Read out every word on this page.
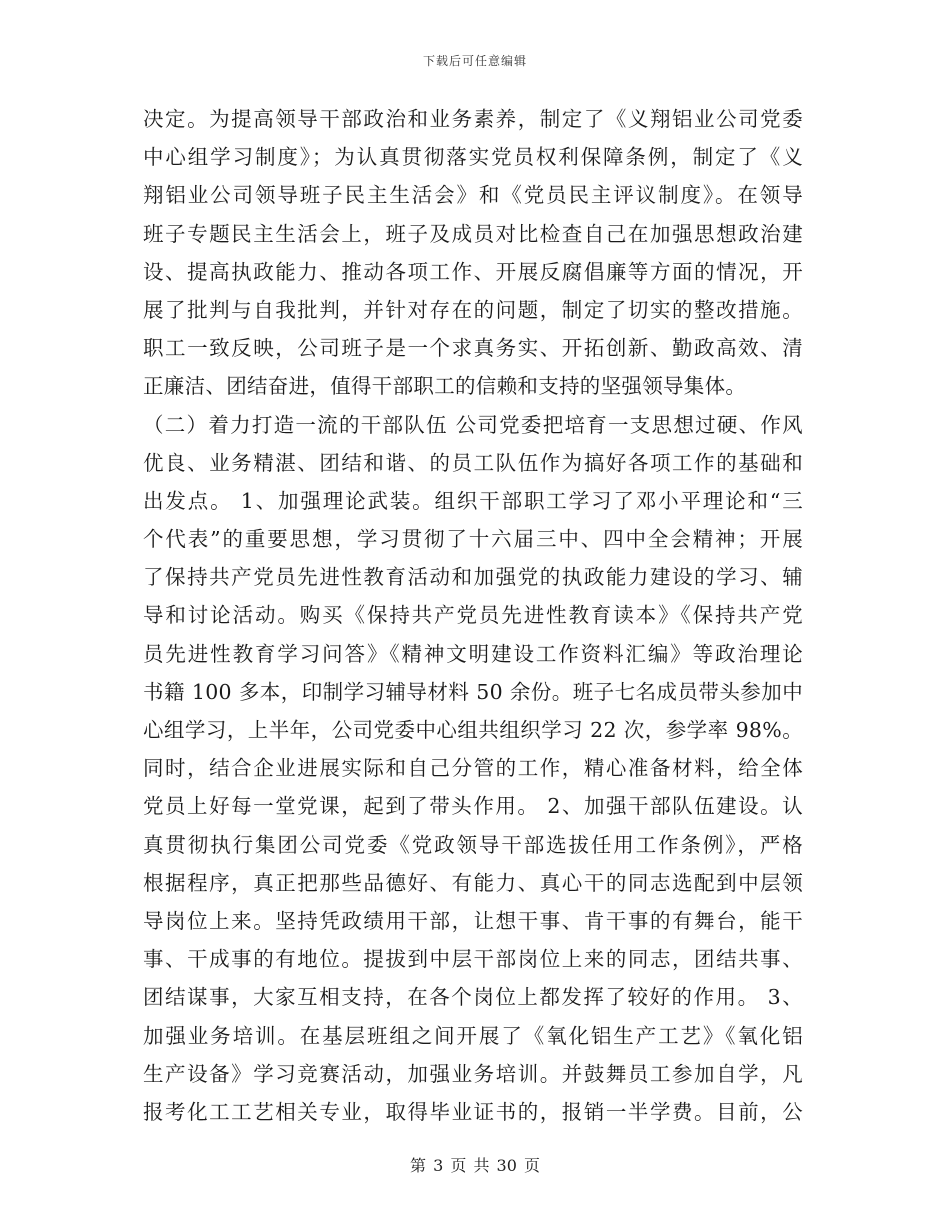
下载后可任意编辑
决定。为提高领导干部政治和业务素养，制定了《义翔铝业公司党委
中心组学习制度》；为认真贯彻落实党员权利保障条例，制定了《义
翔铝业公司领导班子民主生活会》和《党员民主评议制度》。在领导
班子专题民主生活会上，班子及成员对比检查自己在加强思想政治建
设、提高执政能力、推动各项工作、开展反腐倡廉等方面的情况，开
展了批判与自我批判，并针对存在的问题，制定了切实的整改措施。
职工一致反映，公司班子是一个求真务实、开拓创新、勤政高效、清
正廉洁、团结奋进，值得干部职工的信赖和支持的坚强领导集体。
（二）着力打造一流的干部队伍 公司党委把培育一支思想过硬、作风
优良、业务精湛、团结和谐、的员工队伍作为搞好各项工作的基础和
出发点。 1、加强理论武装。组织干部职工学习了邓小平理论和“三
个代表”的重要思想，学习贯彻了十六届三中、四中全会精神；开展
了保持共产党员先进性教育活动和加强党的执政能力建设的学习、辅
导和讨论活动。购买《保持共产党员先进性教育读本》《保持共产党
员先进性教育学习问答》《精神文明建设工作资料汇编》等政治理论
书籍 100 多本，印制学习辅导材料 50 余份。班子七名成员带头参加中
心组学习，上半年，公司党委中心组共组织学习 22 次，参学率 98%。
同时，结合企业进展实际和自己分管的工作，精心准备材料，给全体
党员上好每一堂党课，起到了带头作用。 2、加强干部队伍建设。认
真贯彻执行集团公司党委《党政领导干部选拔任用工作条例》，严格
根据程序，真正把那些品德好、有能力、真心干的同志选配到中层领
导岗位上来。坚持凭政绩用干部，让想干事、肯干事的有舞台，能干
事、干成事的有地位。提拔到中层干部岗位上来的同志，团结共事、
团结谋事，大家互相支持，在各个岗位上都发挥了较好的作用。 3、
加强业务培训。在基层班组之间开展了《氧化铝生产工艺》《氧化铝
生产设备》学习竞赛活动，加强业务培训。并鼓舞员工参加自学，凡
报考化工工艺相关专业，取得毕业证书的，报销一半学费。目前，公
第 3 页 共 30 页
